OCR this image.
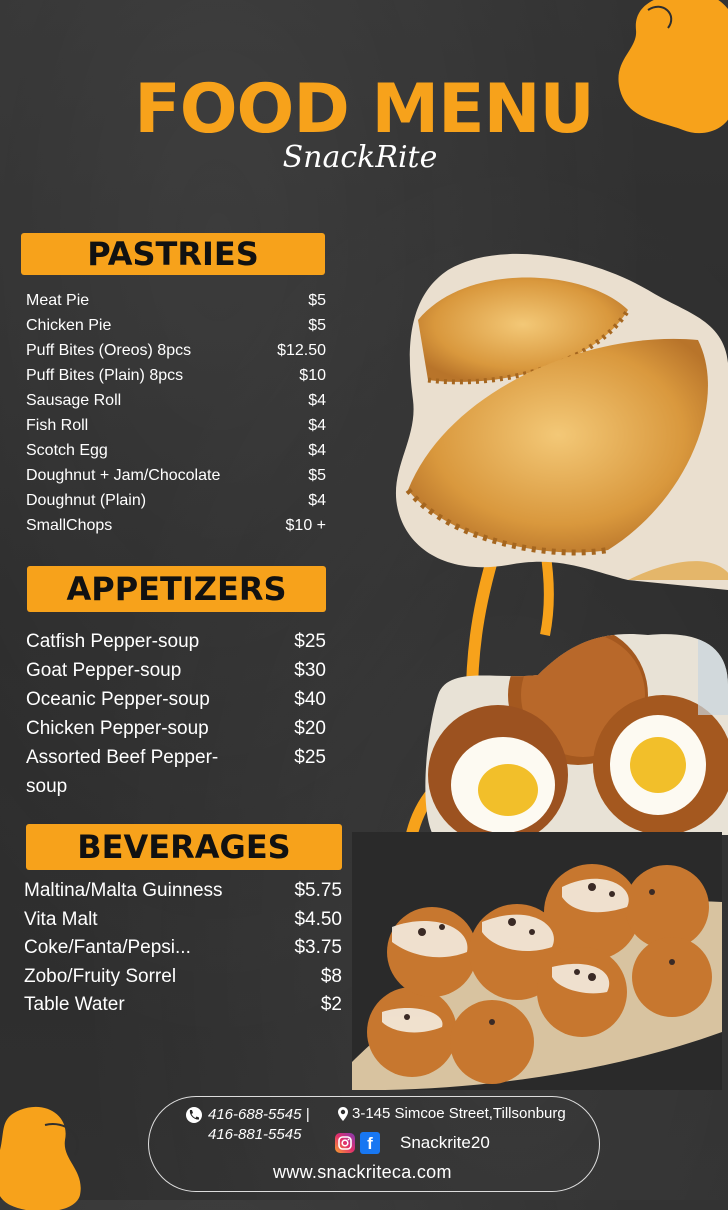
FOOD MENU
SnackRite
PASTRIES
Meat Pie	$5
Chicken Pie	$5
Puff Bites (Oreos) 8pcs	$12.50
Puff Bites (Plain) 8pcs	$10
Sausage Roll	$4
Fish Roll	$4
Scotch Egg	$4
Doughnut + Jam/Chocolate	$5
Doughnut (Plain)	$4
SmallChops	$10 +
APPETIZERS
Catfish Pepper-soup	$25
Goat Pepper-soup	$30
Oceanic Pepper-soup	$40
Chicken Pepper-soup	$20
Assorted Beef Pepper-soup
$25
BEVERAGES
Maltina/Malta Guinness	$5.75
Vita Malt	$4.50
Coke/Fanta/Pepsi...	$3.75
Zobo/Fruity Sorrel	$8
Table Water	$2
416-688-5545 |
416-881-5545
3-145 Simcoe Street,Tillsonburg
f	Snackrite20
www.snackriteca.com
